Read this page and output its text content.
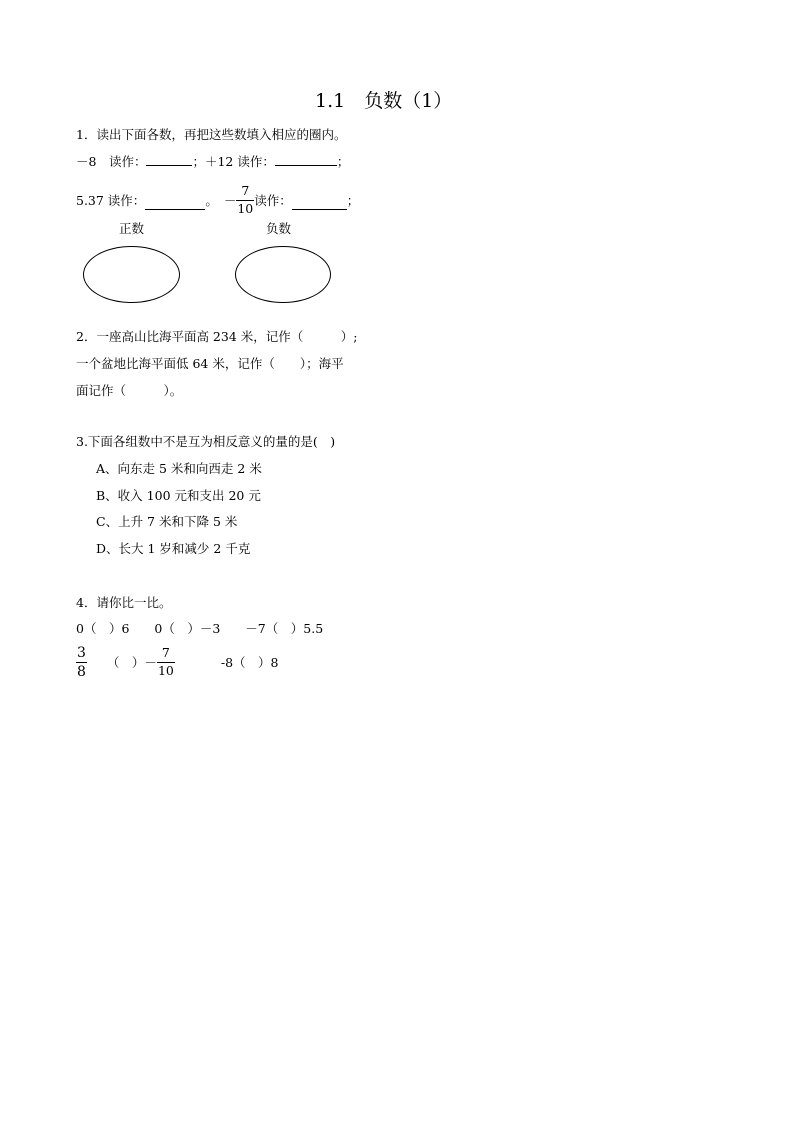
1.1　负数（1）
1．读出下面各数，再把这些数填入相应的圈内。
－8　读作：	；＋12 读作：	；
5.37 读作：	。 － $\frac{7}{10}$ 读作：	；
正数	负数
2．一座高山比海平面高 234 米，记作（　　　）;
一个盆地比海平面低 64 米，记作（　　）；海平
面记作（　　　）。
3.下面各组数中不是互为相反意义的量的是(　)
A、向东走 5 米和向西走 2 米
B、收入 100 元和支出 20 元
C、上升 7 米和下降 5 米
D、长大 1 岁和减少 2 千克
4．请你比一比。
0（　）6　　0（　）－3　　－7（　）5.5
$\frac{3}{8}$ （　）－ $\frac{7}{10}$	-8（　）8
